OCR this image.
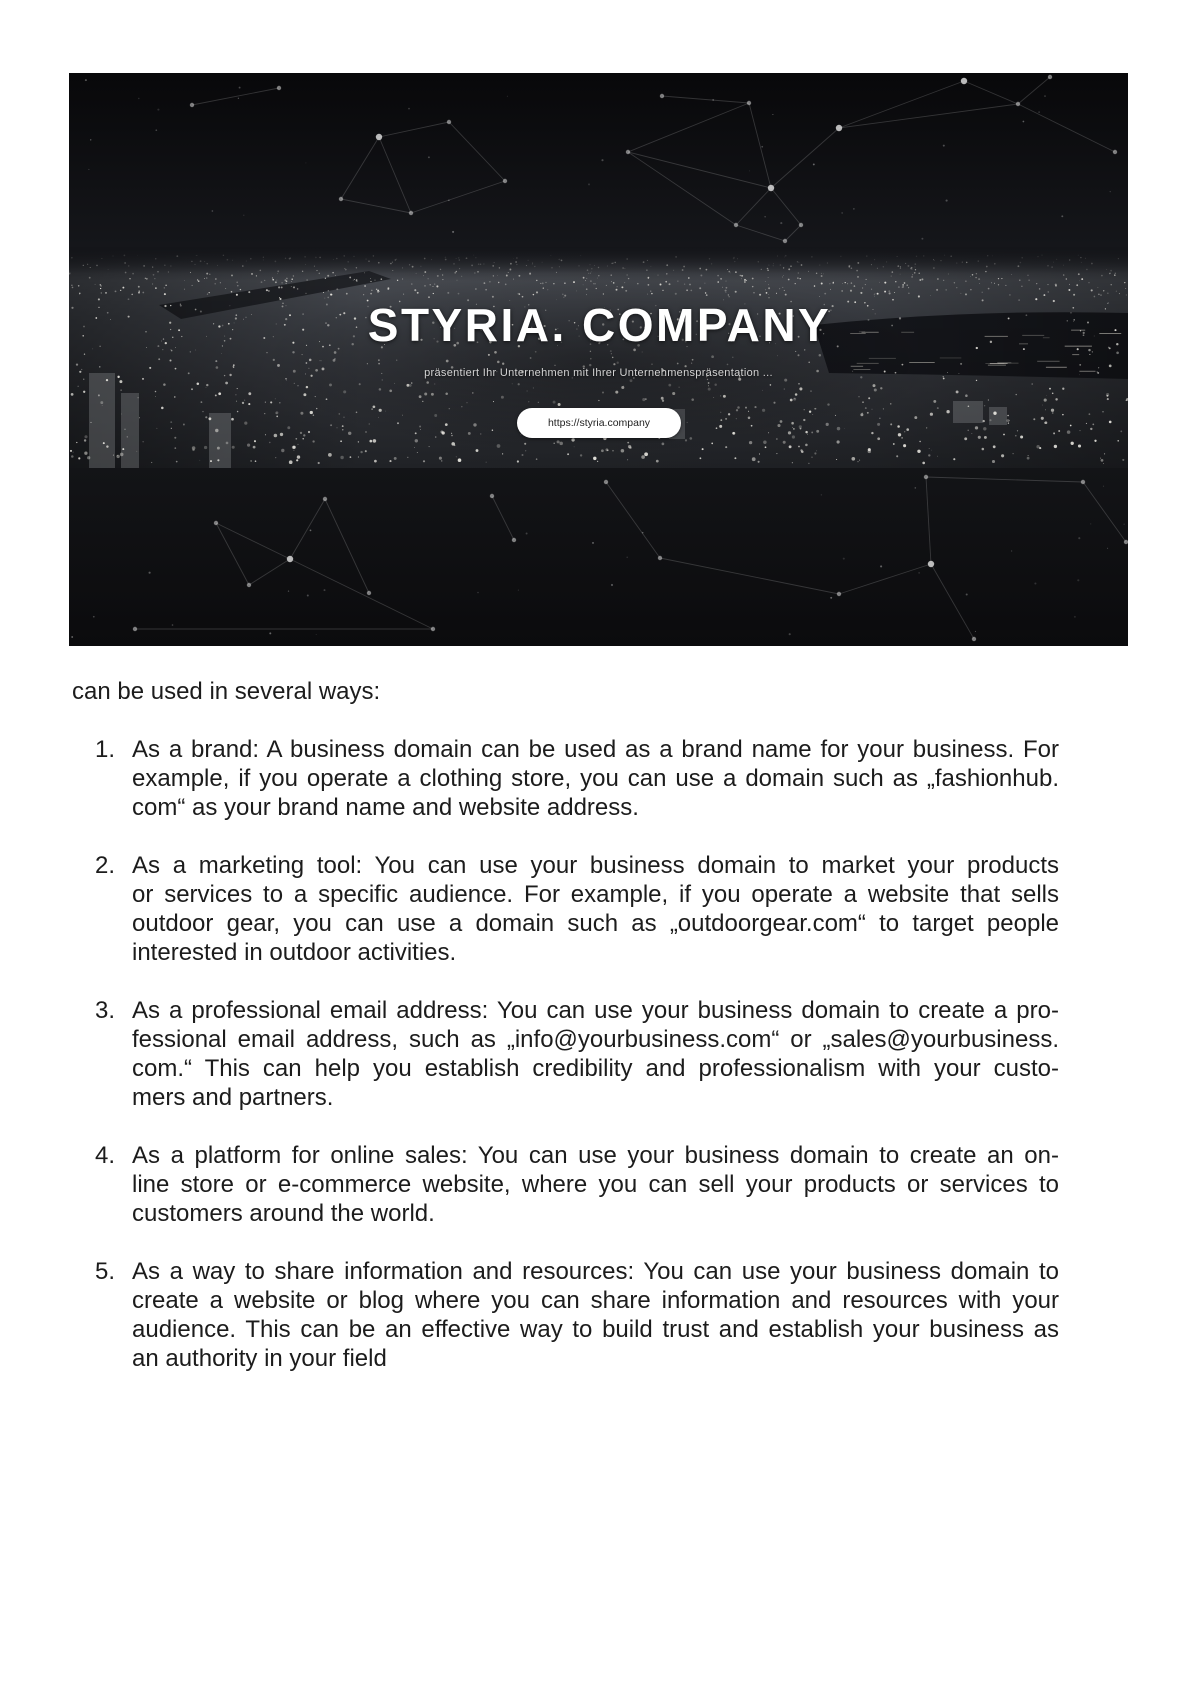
STYRIA. COMPANY
präsentiert Ihr Unternehmen mit Ihrer Unternehmenspräsentation ...
https://styria.company
can be used in several ways:
1. As a brand: A business domain can be used as a brand name for your business. For
example, if you operate a clothing store, you can use a domain such as „fashionhub.
com“ as your brand name and website address.
2. As a marketing tool: You can use your business domain to market your products
or services to a specific audience. For example, if you operate a website that sells
outdoor gear, you can use a domain such as „outdoorgear.com“ to target people
interested in outdoor activities.
3. As a professional email address: You can use your business domain to create a pro-
fessional email address, such as „info@yourbusiness.com“ or „sales@yourbusiness.
com.“ This can help you establish credibility and professionalism with your custo-
mers and partners.
4. As a platform for online sales: You can use your business domain to create an on-
line store or e-commerce website, where you can sell your products or services to
customers around the world.
5. As a way to share information and resources: You can use your business domain to
create a website or blog where you can share information and resources with your
audience. This can be an effective way to build trust and establish your business as
an authority in your field
